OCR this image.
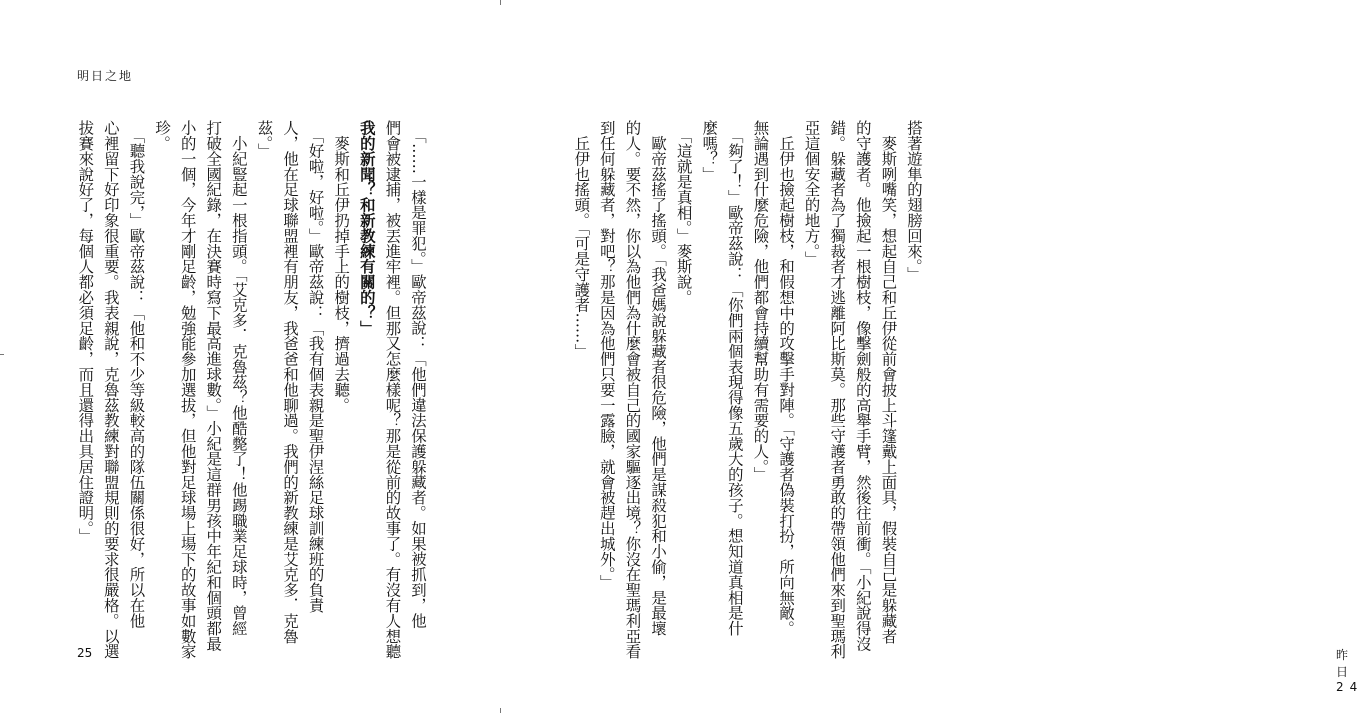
明日之地
　「……一樣是罪犯。」歐帝茲說：「他們違法保護躲藏者。如果被抓到，他
們會被逮捕，被丟進牢裡。但那又怎麼樣呢？那是從前的故事了。有沒有人想聽
我的新聞？和新教練有關的？」
　麥斯和丘伊扔掉手上的樹枝，擠過去聽。
　「好啦，好啦。」歐帝茲說：「我有個表親是聖伊涅絲足球訓練班的負責
人，他在足球聯盟裡有朋友，我爸爸和他聊過。我們的新教練是艾克多．克魯
茲。」
　小紀豎起一根指頭。「艾克多．克魯茲？他酷斃了！他踢職業足球時，曾經
打破全國紀錄，在決賽時寫下最高進球數。」小紀是這群男孩中年紀和個頭都最
小的一個，今年才剛足齡，勉強能參加選拔，但他對足球場上場下的故事如數家
珍。
　「聽我說完，」歐帝茲說：「他和不少等級較高的隊伍關係很好，所以在他
心裡留下好印象很重要。我表親說，克魯茲教練對聯盟規則的要求很嚴格。以選
拔賽來說好了，每個人都必須足齡，而且還得出具居住證明。」
25	昨日 24
搭著遊隼的翅膀回來。」
　麥斯咧嘴笑，想起自己和丘伊從前會披上斗篷戴上面具，假裝自己是躲藏者
的守護者。他撿起一根樹枝，像擊劍般的高舉手臂，然後往前衝。「小紀說得沒
錯。躲藏者為了獨裁者才逃離阿比斯莫。那些守護者勇敢的帶領他們來到聖瑪利
亞這個安全的地方。」
　丘伊也撿起樹枝，和假想中的攻擊手對陣。「守護者偽裝打扮，所向無敵。
無論遇到什麼危險，他們都會持續幫助有需要的人。」
　「夠了！」歐帝茲說：「你們兩個表現得像五歲大的孩子。想知道真相是什
麼嗎？」
　「這就是真相。」麥斯說。
　歐帝茲搖了搖頭。「我爸媽說躲藏者很危險，他們是謀殺犯和小偷，是最壞
的人。要不然，你以為他們為什麼會被自己的國家驅逐出境？你沒在聖瑪利亞看
到任何躲藏者，對吧？那是因為他們只要一露臉，就會被趕出城外。」
　丘伊也搖頭。「可是守護者……」
